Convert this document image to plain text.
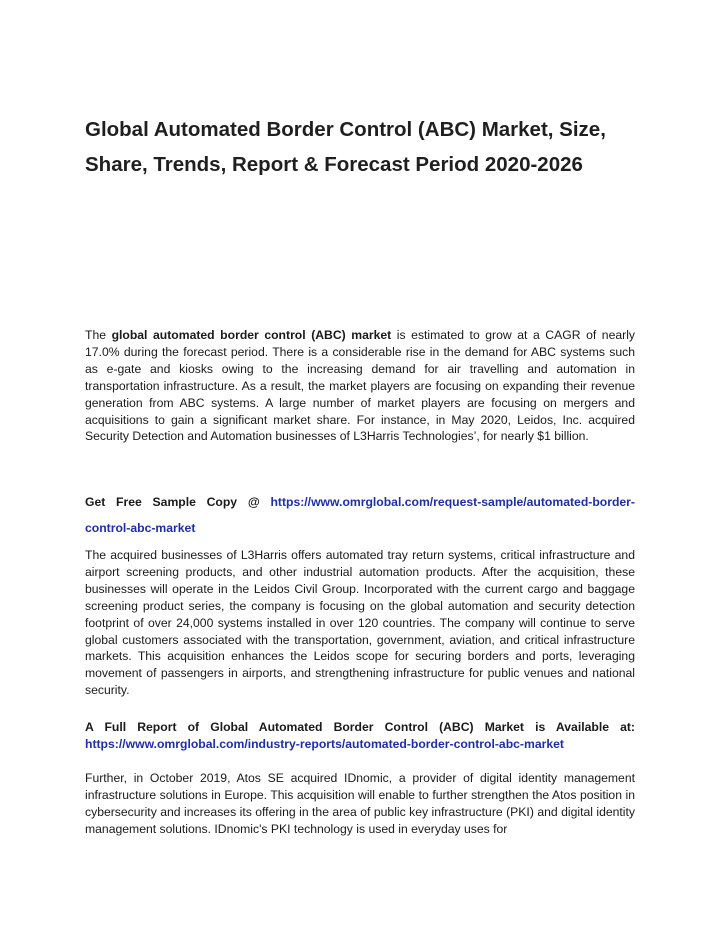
Global Automated Border Control (ABC) Market, Size, Share, Trends, Report & Forecast Period 2020-2026

The global automated border control (ABC) market is estimated to grow at a CAGR of nearly 17.0% during the forecast period. There is a considerable rise in the demand for ABC systems such as e-gate and kiosks owing to the increasing demand for air travelling and automation in transportation infrastructure. As a result, the market players are focusing on expanding their revenue generation from ABC systems. A large number of market players are focusing on mergers and acquisitions to gain a significant market share. For instance, in May 2020, Leidos, Inc. acquired Security Detection and Automation businesses of L3Harris Technologies’, for nearly $1 billion.

Get Free Sample Copy @ https://www.omrglobal.com/request-sample/automated-border-control-abc-market

The acquired businesses of L3Harris offers automated tray return systems, critical infrastructure and airport screening products, and other industrial automation products. After the acquisition, these businesses will operate in the Leidos Civil Group. Incorporated with the current cargo and baggage screening product series, the company is focusing on the global automation and security detection footprint of over 24,000 systems installed in over 120 countries. The company will continue to serve global customers associated with the transportation, government, aviation, and critical infrastructure markets. This acquisition enhances the Leidos scope for securing borders and ports, leveraging movement of passengers in airports, and strengthening infrastructure for public venues and national security.

A Full Report of Global Automated Border Control (ABC) Market is Available at: https://www.omrglobal.com/industry-reports/automated-border-control-abc-market

Further, in October 2019, Atos SE acquired IDnomic, a provider of digital identity management infrastructure solutions in Europe. This acquisition will enable to further strengthen the Atos position in cybersecurity and increases its offering in the area of public key infrastructure (PKI) and digital identity management solutions. IDnomic's PKI technology is used in everyday uses for
